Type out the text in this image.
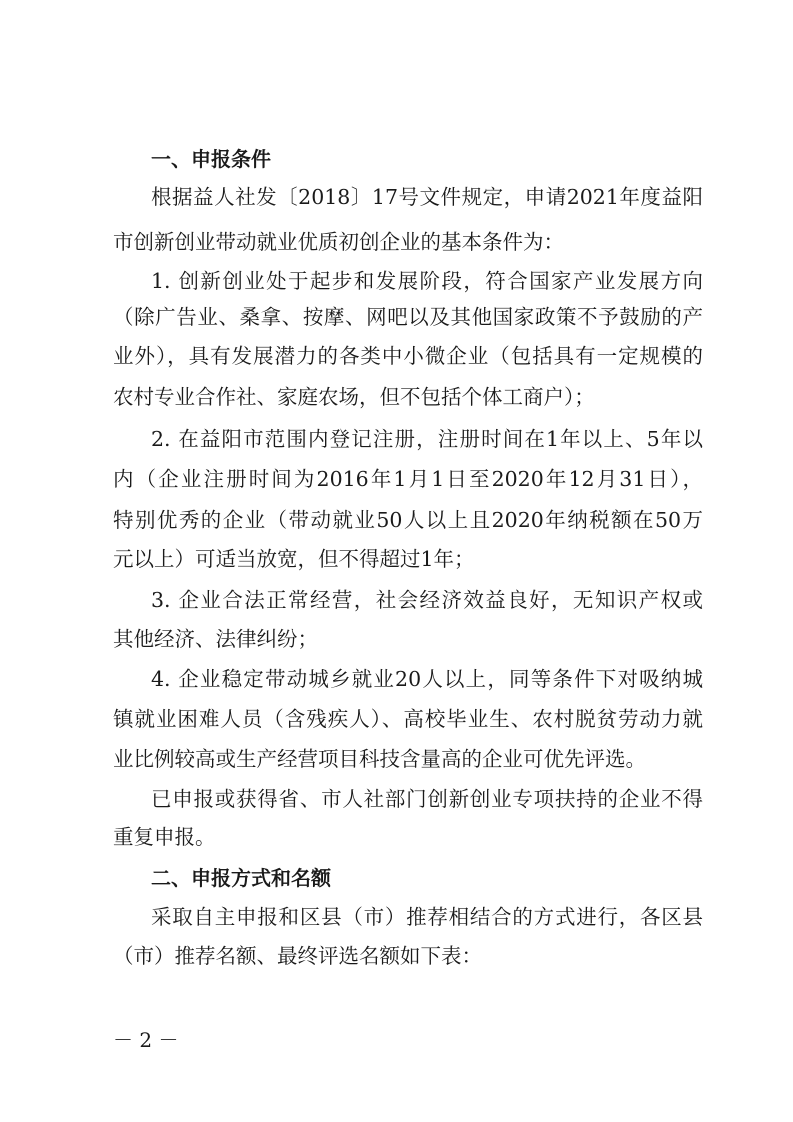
一、申报条件
根据益人社发〔2018〕17号文件规定，申请2021年度益阳
市创新创业带动就业优质初创企业的基本条件为：
1. 创新创业处于起步和发展阶段，符合国家产业发展方向
（除广告业、桑拿、按摩、网吧以及其他国家政策不予鼓励的产
业外），具有发展潜力的各类中小微企业（包括具有一定规模的
农村专业合作社、家庭农场，但不包括个体工商户）；
2. 在益阳市范围内登记注册，注册时间在1年以上、5年以
内（企业注册时间为2016年1月1日至2020年12月31日），
特别优秀的企业（带动就业50人以上且2020年纳税额在50万
元以上）可适当放宽，但不得超过1年；
3. 企业合法正常经营，社会经济效益良好，无知识产权或
其他经济、法律纠纷；
4. 企业稳定带动城乡就业20人以上，同等条件下对吸纳城
镇就业困难人员（含残疾人）、高校毕业生、农村脱贫劳动力就
业比例较高或生产经营项目科技含量高的企业可优先评选。
已申报或获得省、市人社部门创新创业专项扶持的企业不得
重复申报。
二、申报方式和名额
采取自主申报和区县（市）推荐相结合的方式进行，各区县
（市）推荐名额、最终评选名额如下表：
－ 2 －
